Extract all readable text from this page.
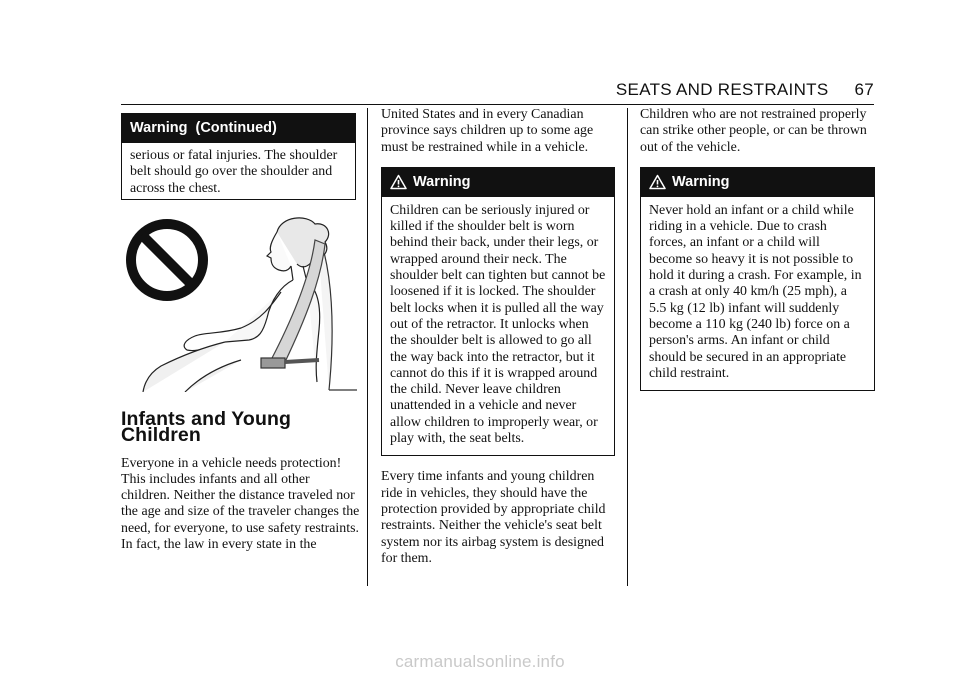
SEATS AND RESTRAINTS 67
Warning  (Continued)
serious or fatal injuries. The shoulder belt should go over the shoulder and across the chest.
Infants and Young Children

Everyone in a vehicle needs protection! This includes infants and all other children. Neither the distance traveled nor the age and size of the traveler changes the need, for everyone, to use safety restraints. In fact, the law in every state in the

United States and in every Canadian province says children up to some age must be restrained while in a vehicle.

Warning
Children can be seriously injured or killed if the shoulder belt is worn behind their back, under their legs, or wrapped around their neck. The shoulder belt can tighten but cannot be loosened if it is locked. The shoulder belt locks when it is pulled all the way out of the retractor. It unlocks when the shoulder belt is allowed to go all the way back into the retractor, but it cannot do this if it is wrapped around the child. Never leave children unattended in a vehicle and never allow children to improperly wear, or play with, the seat belts.

Every time infants and young children ride in vehicles, they should have the protection provided by appropriate child restraints. Neither the vehicle's seat belt system nor its airbag system is designed for them.

Children who are not restrained properly can strike other people, or can be thrown out of the vehicle.

Warning
Never hold an infant or a child while riding in a vehicle. Due to crash forces, an infant or a child will become so heavy it is not possible to hold it during a crash. For example, in a crash at only 40 km/h (25 mph), a 5.5 kg (12 lb) infant will suddenly become a 110 kg (240 lb) force on a person's arms. An infant or child should be secured in an appropriate child restraint.
carmanualsonline.info
